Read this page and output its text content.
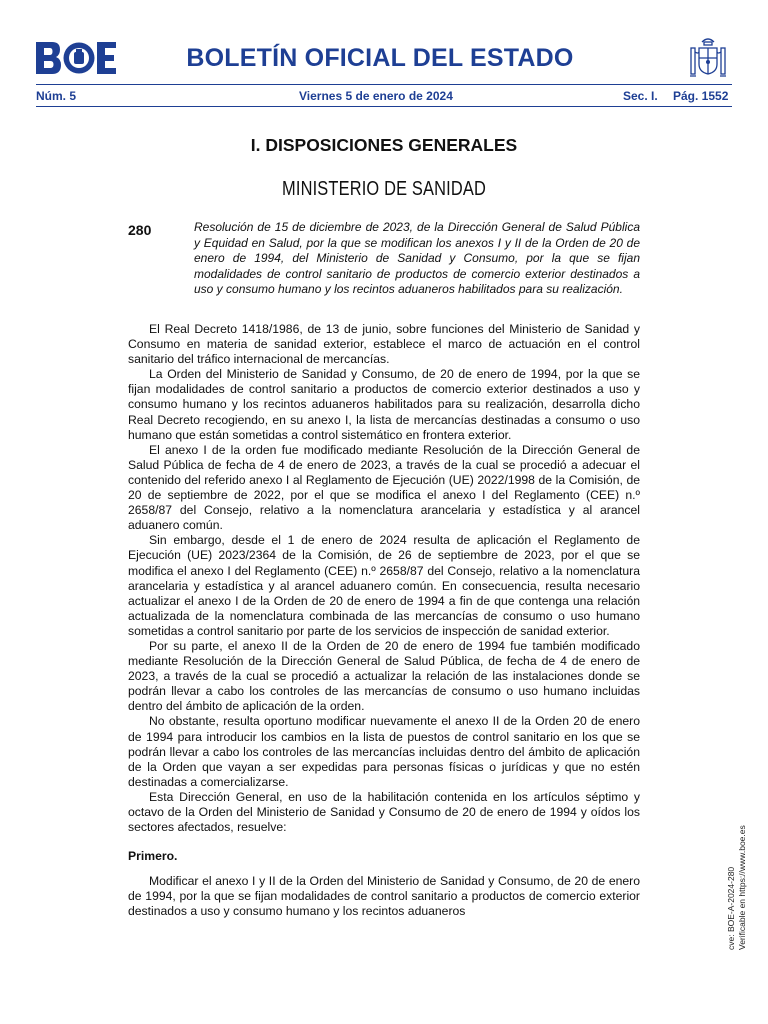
BOLETÍN OFICIAL DEL ESTADO
Núm. 5	Viernes 5 de enero de 2024	Sec. I. Pág. 1552
I. DISPOSICIONES GENERALES
MINISTERIO DE SANIDAD
280	Resolución de 15 de diciembre de 2023, de la Dirección General de Salud Pública y Equidad en Salud, por la que se modifican los anexos I y II de la Orden de 20 de enero de 1994, del Ministerio de Sanidad y Consumo, por la que se fijan modalidades de control sanitario de productos de comercio exterior destinados a uso y consumo humano y los recintos aduaneros habilitados para su realización.

El Real Decreto 1418/1986, de 13 de junio, sobre funciones del Ministerio de Sanidad y Consumo en materia de sanidad exterior, establece el marco de actuación en el control sanitario del tráfico internacional de mercancías.

La Orden del Ministerio de Sanidad y Consumo, de 20 de enero de 1994, por la que se fijan modalidades de control sanitario a productos de comercio exterior destinados a uso y consumo humano y los recintos aduaneros habilitados para su realización, desarrolla dicho Real Decreto recogiendo, en su anexo I, la lista de mercancías destinadas a consumo o uso humano que están sometidas a control sistemático en frontera exterior.

El anexo I de la orden fue modificado mediante Resolución de la Dirección General de Salud Pública de fecha de 4 de enero de 2023, a través de la cual se procedió a adecuar el contenido del referido anexo I al Reglamento de Ejecución (UE) 2022/1998 de la Comisión, de 20 de septiembre de 2022, por el que se modifica el anexo I del Reglamento (CEE) n.º 2658/87 del Consejo, relativo a la nomenclatura arancelaria y estadística y al arancel aduanero común.

Sin embargo, desde el 1 de enero de 2024 resulta de aplicación el Reglamento de Ejecución (UE) 2023/2364 de la Comisión, de 26 de septiembre de 2023, por el que se modifica el anexo I del Reglamento (CEE) n.º 2658/87 del Consejo, relativo a la nomenclatura arancelaria y estadística y al arancel aduanero común. En consecuencia, resulta necesario actualizar el anexo I de la Orden de 20 de enero de 1994 a fin de que contenga una relación actualizada de la nomenclatura combinada de las mercancías de consumo o uso humano sometidas a control sanitario por parte de los servicios de inspección de sanidad exterior.

Por su parte, el anexo II de la Orden de 20 de enero de 1994 fue también modificado mediante Resolución de la Dirección General de Salud Pública, de fecha de 4 de enero de 2023, a través de la cual se procedió a actualizar la relación de las instalaciones donde se podrán llevar a cabo los controles de las mercancías de consumo o uso humano incluidas dentro del ámbito de aplicación de la orden.

No obstante, resulta oportuno modificar nuevamente el anexo II de la Orden 20 de enero de 1994 para introducir los cambios en la lista de puestos de control sanitario en los que se podrán llevar a cabo los controles de las mercancías incluidas dentro del ámbito de aplicación de la Orden que vayan a ser expedidas para personas físicas o jurídicas y que no estén destinadas a comercializarse.

Esta Dirección General, en uso de la habilitación contenida en los artículos séptimo y octavo de la Orden del Ministerio de Sanidad y Consumo de 20 de enero de 1994 y oídos los sectores afectados, resuelve:

Primero.

Modificar el anexo I y II de la Orden del Ministerio de Sanidad y Consumo, de 20 de enero de 1994, por la que se fijan modalidades de control sanitario a productos de comercio exterior destinados a uso y consumo humano y los recintos aduaneros	cve: BOE-A-2024-280 Verificable en https://www.boe.es
